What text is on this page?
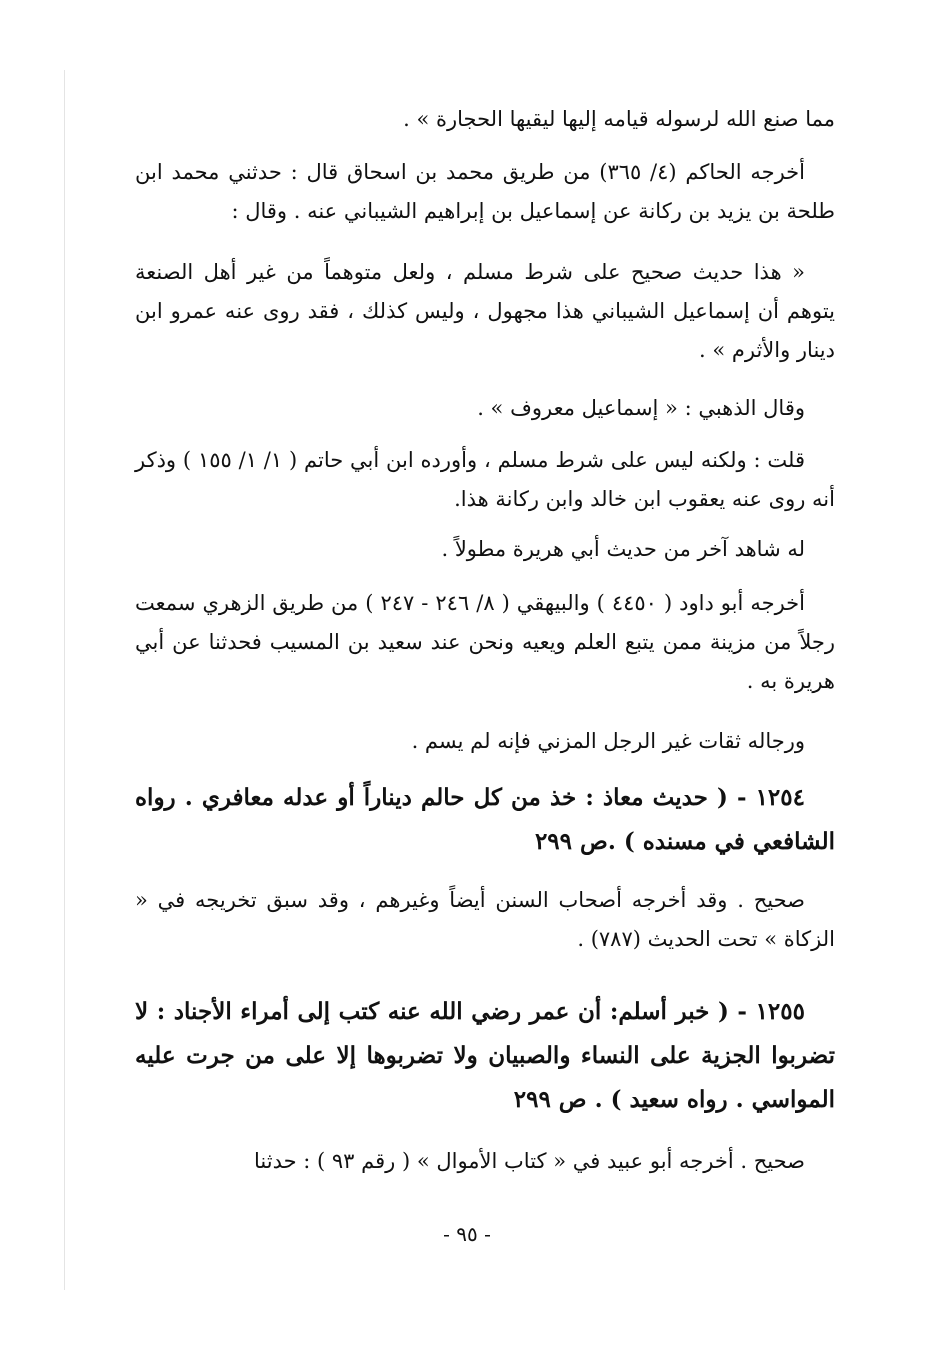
مما صنع الله لرسوله قيامه إليها ليقيها الحجارة » .
أخرجه الحاكم (٤/ ٣٦٥) من طريق محمد بن اسحاق قال : حدثني محمد ابن طلحة بن يزيد بن ركانة عن إسماعيل بن إبراهيم الشيباني عنه . وقال :
« هذا حديث صحيح على شرط مسلم ، ولعل متوهماً من غير أهل الصنعة يتوهم أن إسماعيل الشيباني هذا مجهول ، وليس كذلك ، فقد روى عنه عمرو ابن دينار والأثرم » .
وقال الذهبي : « إسماعيل معروف » .
قلت : ولكنه ليس على شرط مسلم ، وأورده ابن أبي حاتم ( ١/ ١/ ١٥٥ ) وذكر أنه روى عنه يعقوب ابن خالد وابن ركانة هذا.
له شاهد آخر من حديث أبي هريرة مطولاً .
أخرجه أبو داود ( ٤٤٥٠ ) والبيهقي ( ٨/ ٢٤٦ - ٢٤٧ ) من طريق الزهري سمعت رجلاً من مزينة ممن يتبع العلم ويعيه ونحن عند سعيد بن المسيب فحدثنا عن أبي هريرة به .
ورجاله ثقات غير الرجل المزني فإنه لم يسم .
١٢٥٤ - ( حديث معاذ : خذ من كل حالم ديناراً أو عدله معافري . رواه الشافعي في مسنده ) .ص ٢٩٩
صحيح . وقد أخرجه أصحاب السنن أيضاً وغيرهم ، وقد سبق تخريجه في « الزكاة » تحت الحديث (٧٨٧) .
١٢٥٥ - ( خبر أسلم: أن عمر رضي الله عنه كتب إلى أمراء الأجناد : لا تضربوا الجزية على النساء والصبيان ولا تضربوها إلا على من جرت عليه المواسي . رواه سعيد ) . ص ٢٩٩
صحيح . أخرجه أبو عبيد في « كتاب الأموال » ( رقم ٩٣ ) : حدثنا
- ٩٥ -
